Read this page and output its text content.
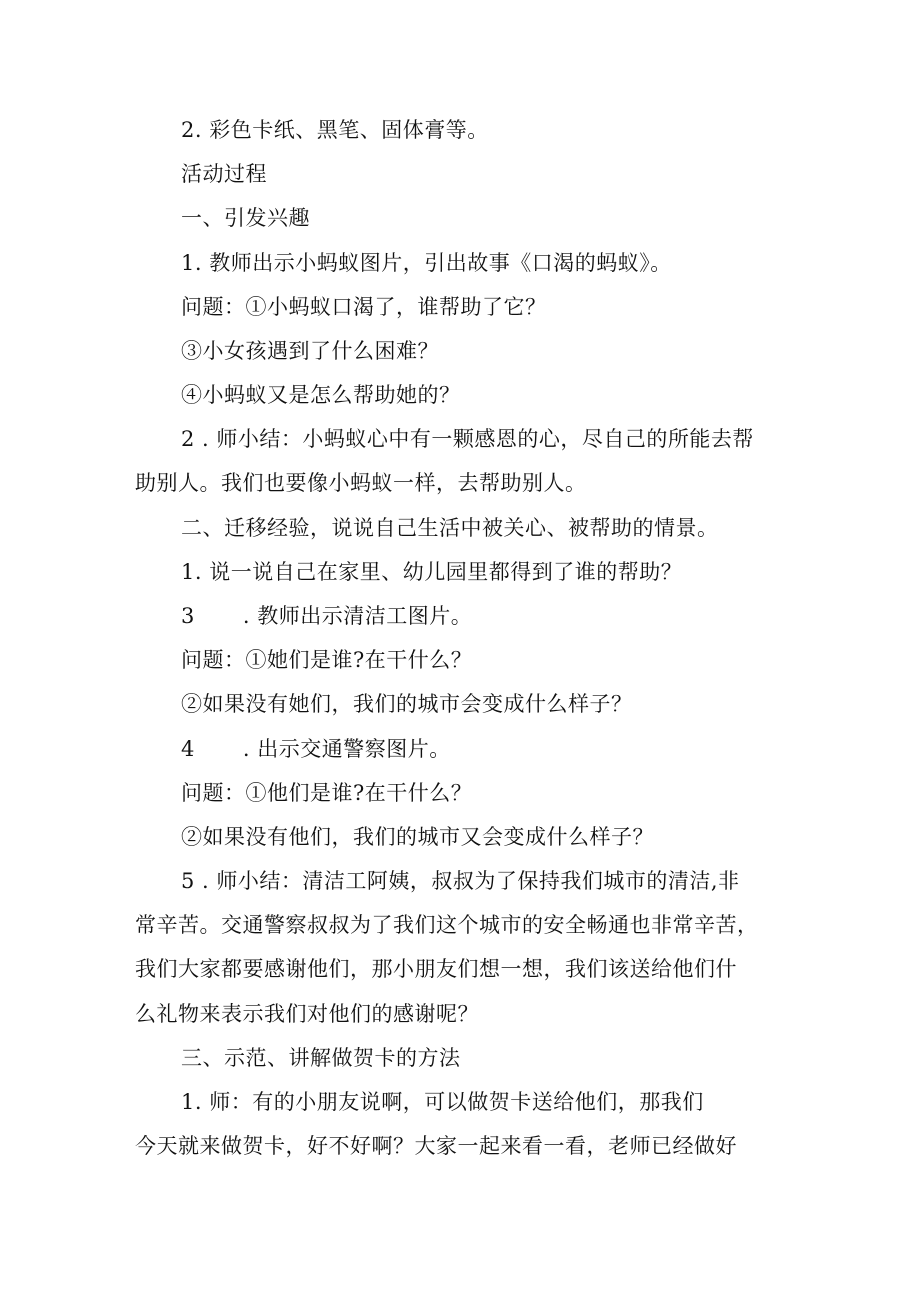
2. 彩色卡纸、黑笔、固体膏等。
活动过程
一、引发兴趣
1. 教师出示小蚂蚁图片，引出故事《口渴的蚂蚁》。
问题：①小蚂蚁口渴了，谁帮助了它？
③小女孩遇到了什么困难？
④小蚂蚁又是怎么帮助她的？
2 . 师小结：小蚂蚁心中有一颗感恩的心，尽自己的所能去帮
助别人。我们也要像小蚂蚁一样，去帮助别人。
二、迁移经验，说说自己生活中被关心、被帮助的情景。
1. 说一说自己在家里、幼儿园里都得到了谁的帮助？
3 . 教师出示清洁工图片。
问题：①她们是谁?在干什么？
②如果没有她们，我们的城市会变成什么样子？
4 . 出示交通警察图片。
问题：①他们是谁?在干什么？
②如果没有他们，我们的城市又会变成什么样子？
5 . 师小结：清洁工阿姨，叔叔为了保持我们城市的清洁,非
常辛苦。交通警察叔叔为了我们这个城市的安全畅通也非常辛苦，
我们大家都要感谢他们，那小朋友们想一想，我们该送给他们什
么礼物来表示我们对他们的感谢呢？
三、示范、讲解做贺卡的方法
1. 师：有的小朋友说啊，可以做贺卡送给他们，那我们
今天就来做贺卡，好不好啊？大家一起来看一看，老师已经做好
